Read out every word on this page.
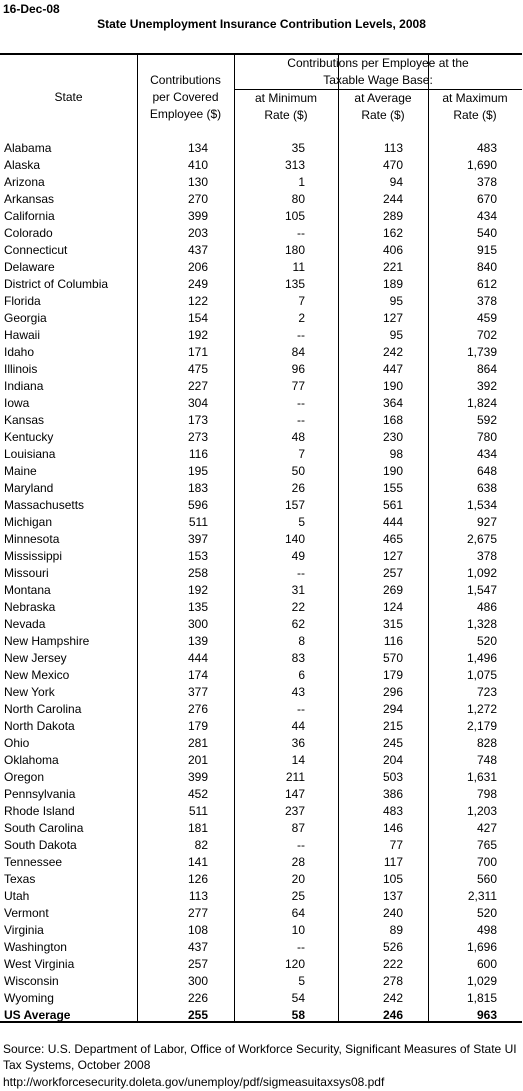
16-Dec-08
State Unemployment Insurance Contribution Levels, 2008
State
Contributions
per Covered
Employee ($)
Contributions per Employee at the
Taxable Wage Base:
at Minimum
Rate ($)
at Average
Rate ($)
at Maximum
Rate ($)
Alabama	134	35	113	483
Alaska	410	313	470	1,690
Arizona	130	1	94	378
Arkansas	270	80	244	670
California	399	105	289	434
Colorado	203	--	162	540
Connecticut	437	180	406	915
Delaware	206	11	221	840
District of Columbia	249	135	189	612
Florida	122	7	95	378
Georgia	154	2	127	459
Hawaii	192	--	95	702
Idaho	171	84	242	1,739
Illinois	475	96	447	864
Indiana	227	77	190	392
Iowa	304	--	364	1,824
Kansas	173	--	168	592
Kentucky	273	48	230	780
Louisiana	116	7	98	434
Maine	195	50	190	648
Maryland	183	26	155	638
Massachusetts	596	157	561	1,534
Michigan	511	5	444	927
Minnesota	397	140	465	2,675
Mississippi	153	49	127	378
Missouri	258	--	257	1,092
Montana	192	31	269	1,547
Nebraska	135	22	124	486
Nevada	300	62	315	1,328
New Hampshire	139	8	116	520
New Jersey	444	83	570	1,496
New Mexico	174	6	179	1,075
New York	377	43	296	723
North Carolina	276	--	294	1,272
North Dakota	179	44	215	2,179
Ohio	281	36	245	828
Oklahoma	201	14	204	748
Oregon	399	211	503	1,631
Pennsylvania	452	147	386	798
Rhode Island	511	237	483	1,203
South Carolina	181	87	146	427
South Dakota	82	--	77	765
Tennessee	141	28	117	700
Texas	126	20	105	560
Utah	113	25	137	2,311
Vermont	277	64	240	520
Virginia	108	10	89	498
Washington	437	--	526	1,696
West Virginia	257	120	222	600
Wisconsin	300	5	278	1,029
Wyoming	226	54	242	1,815
US Average	255	58	246	963
Source: U.S. Department of Labor, Office of Workforce Security, Significant Measures of State UI Tax Systems, October 2008
http://workforcesecurity.doleta.gov/unemploy/pdf/sigmeasuitaxsys08.pdf
